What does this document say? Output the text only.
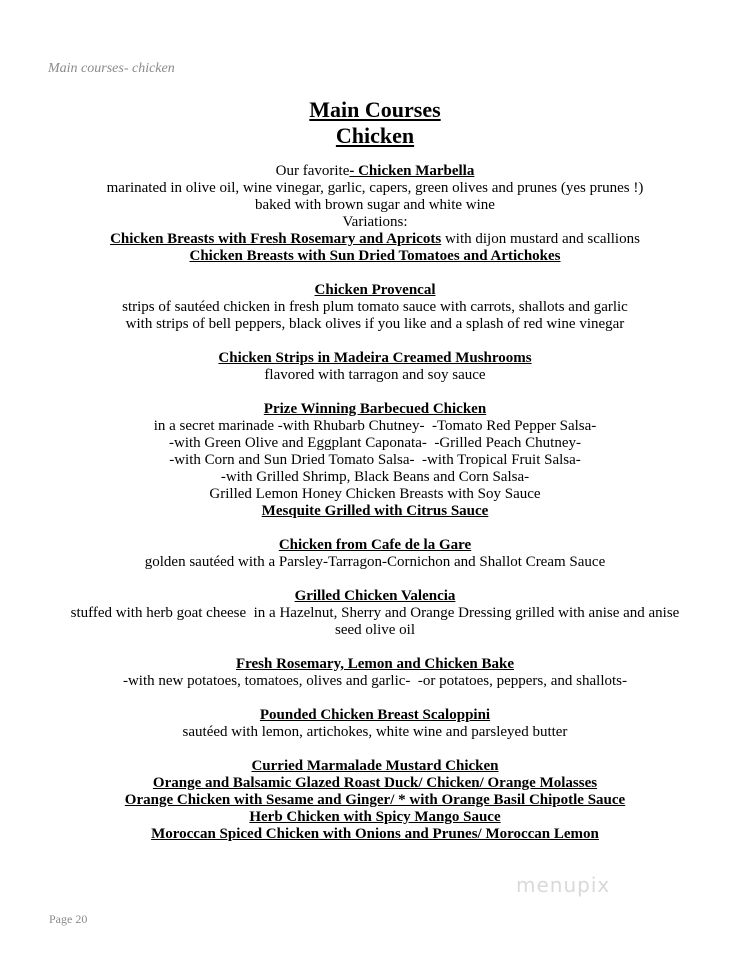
Main courses- chicken
Main Courses
Chicken
Our favorite- Chicken Marbella
marinated in olive oil, wine vinegar, garlic, capers, green olives and prunes (yes prunes !)
baked with brown sugar and white wine
Variations:
Chicken Breasts with Fresh Rosemary and Apricots with dijon mustard and scallions
Chicken Breasts with Sun Dried Tomatoes and Artichokes
Chicken Provencal
strips of sautéed chicken in fresh plum tomato sauce with carrots, shallots and garlic
with strips of bell peppers, black olives if you like and a splash of red wine vinegar
Chicken Strips in Madeira Creamed Mushrooms
flavored with tarragon and soy sauce
Prize Winning Barbecued Chicken
in a secret marinade -with Rhubarb Chutney-  -Tomato Red Pepper Salsa-
-with Green Olive and Eggplant Caponata-  -Grilled Peach Chutney-
-with Corn and Sun Dried Tomato Salsa-  -with Tropical Fruit Salsa-
-with Grilled Shrimp, Black Beans and Corn Salsa-
Grilled Lemon Honey Chicken Breasts with Soy Sauce
Mesquite Grilled with Citrus Sauce
Chicken from Cafe de la Gare
golden sautéed with a Parsley-Tarragon-Cornichon and Shallot Cream Sauce
Grilled Chicken Valencia
stuffed with herb goat cheese  in a Hazelnut, Sherry and Orange Dressing grilled with anise and anise
seed olive oil
Fresh Rosemary, Lemon and Chicken Bake
-with new potatoes, tomatoes, olives and garlic-  -or potatoes, peppers, and shallots-
Pounded Chicken Breast Scaloppini
sautéed with lemon, artichokes, white wine and parsleyed butter
Curried Marmalade Mustard Chicken
Orange and Balsamic Glazed Roast Duck/ Chicken/ Orange Molasses
Orange Chicken with Sesame and Ginger/ * with Orange Basil Chipotle Sauce
Herb Chicken with Spicy Mango Sauce
Moroccan Spiced Chicken with Onions and Prunes/ Moroccan Lemon
menupix
Page 20
